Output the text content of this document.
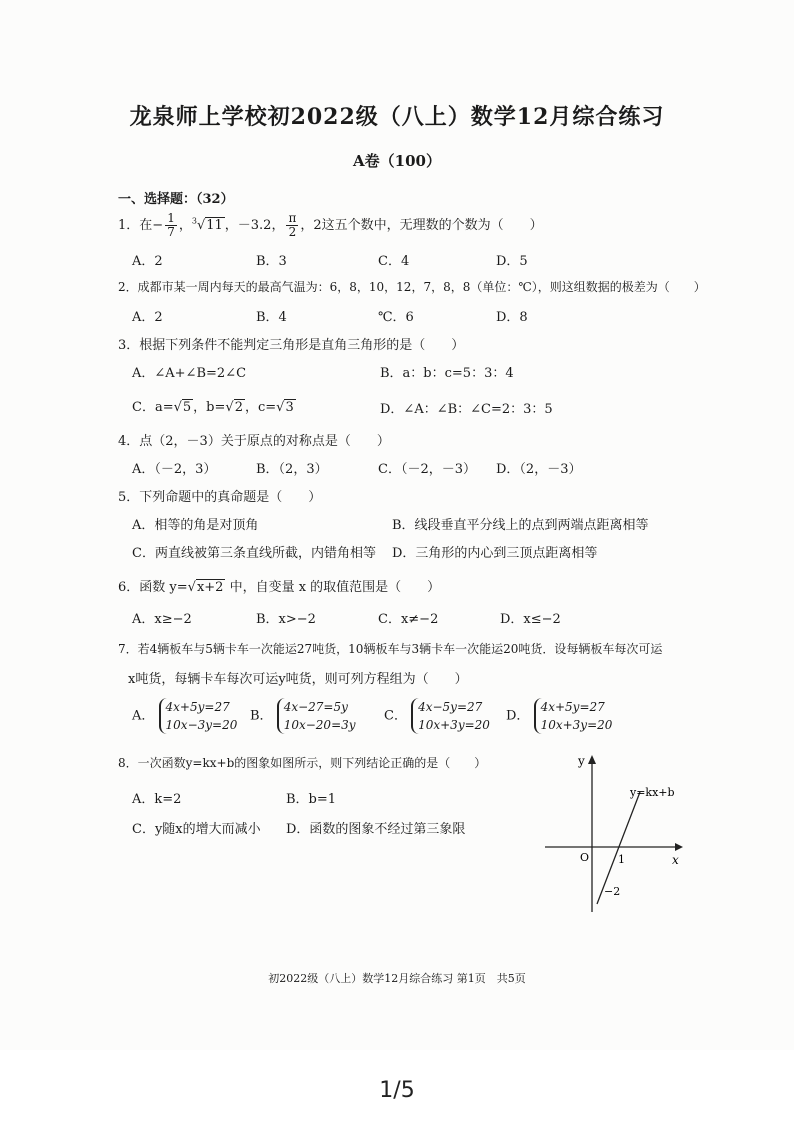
龙泉师上学校初2022级（八上）数学12月综合练习
A卷（100）
一、选择题：（32）
1．在− $\frac{1}{7}$ ，$^3$√11 ，－3.2， $\frac{\pi}{2}$ ，2这五个数中，无理数的个数为（　　）
A．2	B．3	C．4	D．5
2．成都市某一周内每天的最高气温为：6，8，10，12，7，8，8（单位：℃），则这组数据的极差为（　　）
A．2	B．4	℃．6	D．8
3．根据下列条件不能判定三角形是直角三角形的是（　　）
A．∠A+∠B=2∠C	B．a：b：c=5：3：4
C．a=√5 ，b=√2 ，c=√3	D．∠A：∠B：∠C=2：3：5
4．点（2，－3）关于原点的对称点是（　　）
A．（－2，3）	B．（2，3）	C．（－2，－3） D．（2，－3）
5．下列命题中的真命题是（　　）
A．相等的角是对顶角	B．线段垂直平分线上的点到两端点距离相等
C．两直线被第三条直线所截，内错角相等 D．三角形的内心到三顶点距离相等
6．函数 y=√x+2 中，自变量 x 的取值范围是（　　）
A．x≥−2	B．x>−2	C．x≠−2	D．x≤−2
7．若4辆板车与5辆卡车一次能运27吨货，10辆板车与3辆卡车一次能运20吨货．设每辆板车每次可运
x吨货，每辆卡车每次可运y吨货，则可列方程组为（　　）
A． 4x+5y=27
10x−3y=20
B． 4x−27=5y
10x−20=3y
C． 4x−5y=27
10x+3y=20
D． 4x+5y=27
10x+3y=20
8．一次函数y=kx+b的图象如图所示，则下列结论正确的是（　　）
A．k=2	B．b=1
C．y随x的增大而减小 D．函数的图象不经过第三象限
y
x
O	1
−2
y=kx+b
初2022级（八上）数学12月综合练习 第1页　共5页
1/5
